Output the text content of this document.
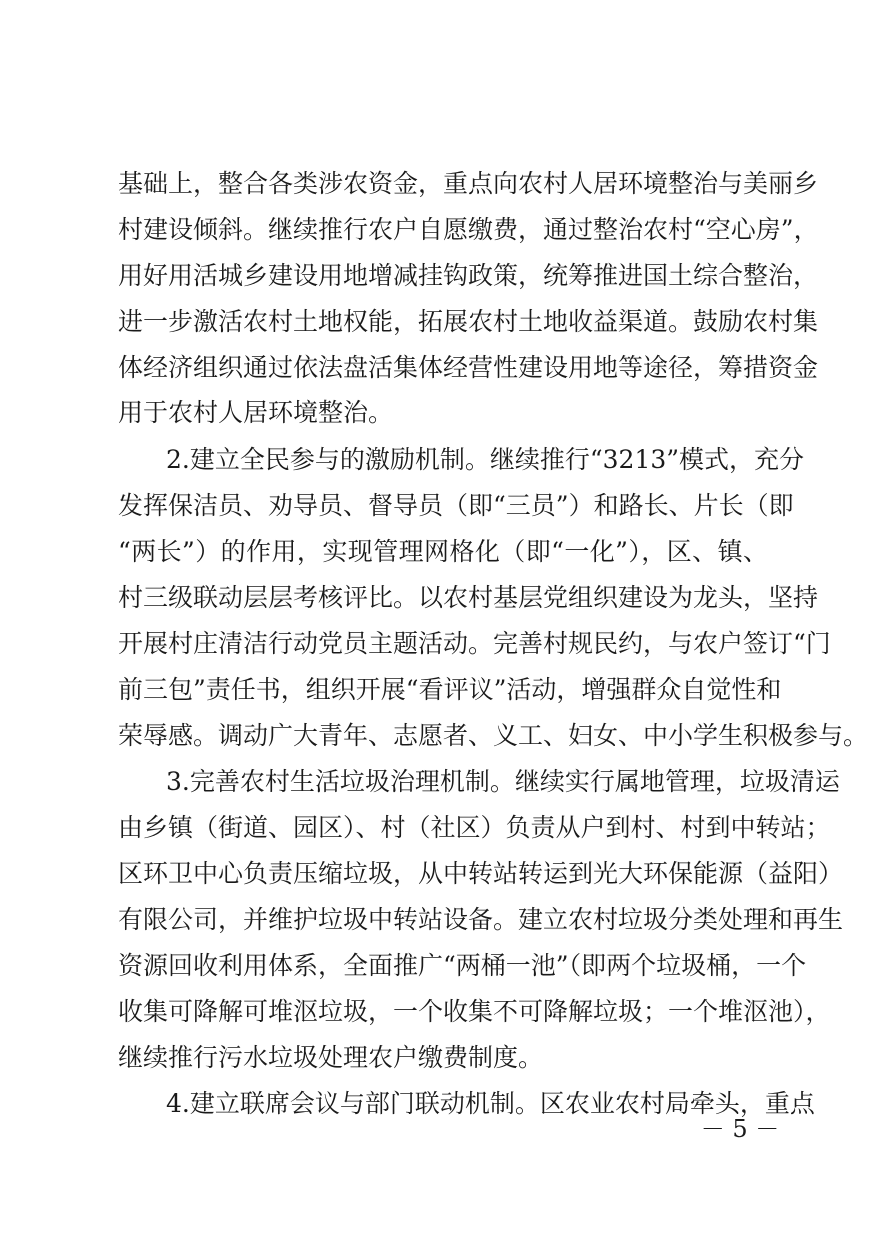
基础上，整合各类涉农资金，重点向农村人居环境整治与美丽乡
村建设倾斜。继续推行农户自愿缴费，通过整治农村“空心房”，
用好用活城乡建设用地增减挂钩政策，统筹推进国土综合整治，
进一步激活农村土地权能，拓展农村土地收益渠道。鼓励农村集
体经济组织通过依法盘活集体经营性建设用地等途径，筹措资金
用于农村人居环境整治。
2.建立全民参与的激励机制。继续推行“3213”模式，充分
发挥保洁员、劝导员、督导员（即“三员”）和路长、片长（即
“两长”）的作用，实现管理网格化（即“一化”），区、镇、
村三级联动层层考核评比。以农村基层党组织建设为龙头，坚持
开展村庄清洁行动党员主题活动。完善村规民约，与农户签订“门
前三包”责任书，组织开展“看评议”活动，增强群众自觉性和
荣辱感。调动广大青年、志愿者、义工、妇女、中小学生积极参与。
3.完善农村生活垃圾治理机制。继续实行属地管理，垃圾清运
由乡镇（街道、园区）、村（社区）负责从户到村、村到中转站；
区环卫中心负责压缩垃圾，从中转站转运到光大环保能源（益阳）
有限公司，并维护垃圾中转站设备。建立农村垃圾分类处理和再生
资源回收利用体系，全面推广“两桶一池”（即两个垃圾桶，一个
收集可降解可堆沤垃圾，一个收集不可降解垃圾；一个堆沤池），
继续推行污水垃圾处理农户缴费制度。
4.建立联席会议与部门联动机制。区农业农村局牵头，重点
－ 5 －
